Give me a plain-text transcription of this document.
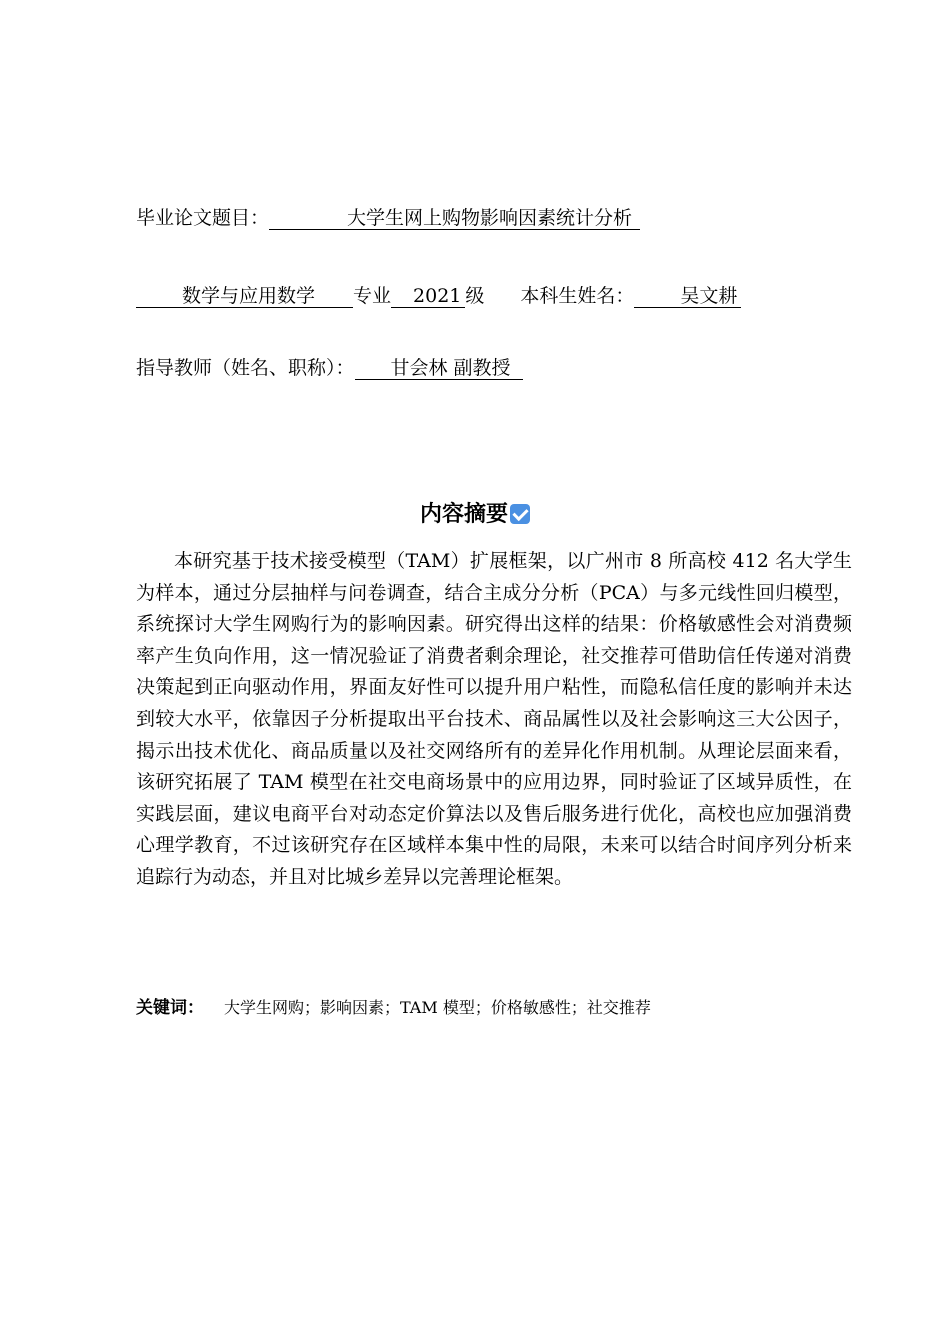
毕业论文题目：	大学生网上购物影响因素统计分析
数学与应用数学 专业 2021 级 本科生姓名： 吴文耕
指导教师（姓名、职称）： 甘会林 副教授
内容摘要

本研究基于技术接受模型（TAM）扩展框架，以广州市 8 所高校 412 名大学生为样本，通过分层抽样与问卷调查，结合主成分分析（PCA）与多元线性回归模型，系统探讨大学生网购行为的影响因素。研究得出这样的结果：价格敏感性会对消费频率产生负向作用，这一情况验证了消费者剩余理论，社交推荐可借助信任传递对消费决策起到正向驱动作用，界面友好性可以提升用户粘性，而隐私信任度的影响并未达到较大水平，依靠因子分析提取出平台技术、商品属性以及社会影响这三大公因子，揭示出技术优化、商品质量以及社交网络所有的差异化作用机制。从理论层面来看，该研究拓展了 TAM 模型在社交电商场景中的应用边界，同时验证了区域异质性，在实践层面，建议电商平台对动态定价算法以及售后服务进行优化，高校也应加强消费心理学教育，不过该研究存在区域样本集中性的局限，未来可以结合时间序列分析来追踪行为动态，并且对比城乡差异以完善理论框架。

关键词： 大学生网购；影响因素；TAM 模型；价格敏感性；社交推荐
